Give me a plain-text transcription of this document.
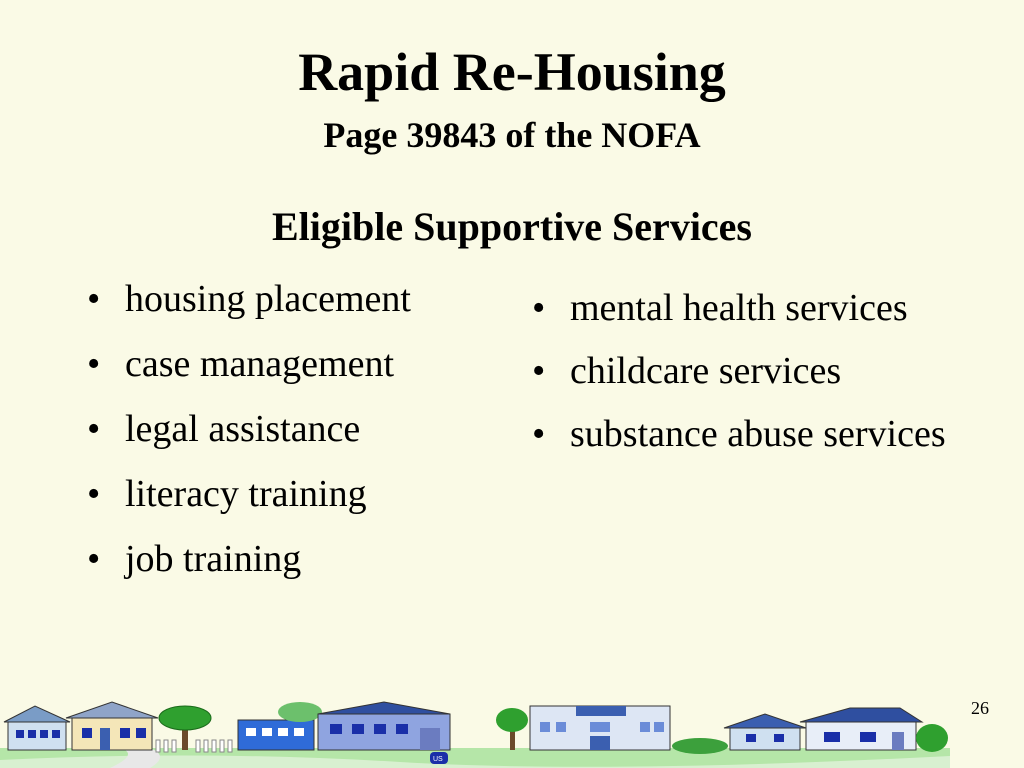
Rapid Re-Housing
Page 39843 of the NOFA
Eligible Supportive Services
• housing placement
• case management
• legal assistance
• literacy training
• job training
• mental health services
• childcare services
• substance abuse services
26
US
